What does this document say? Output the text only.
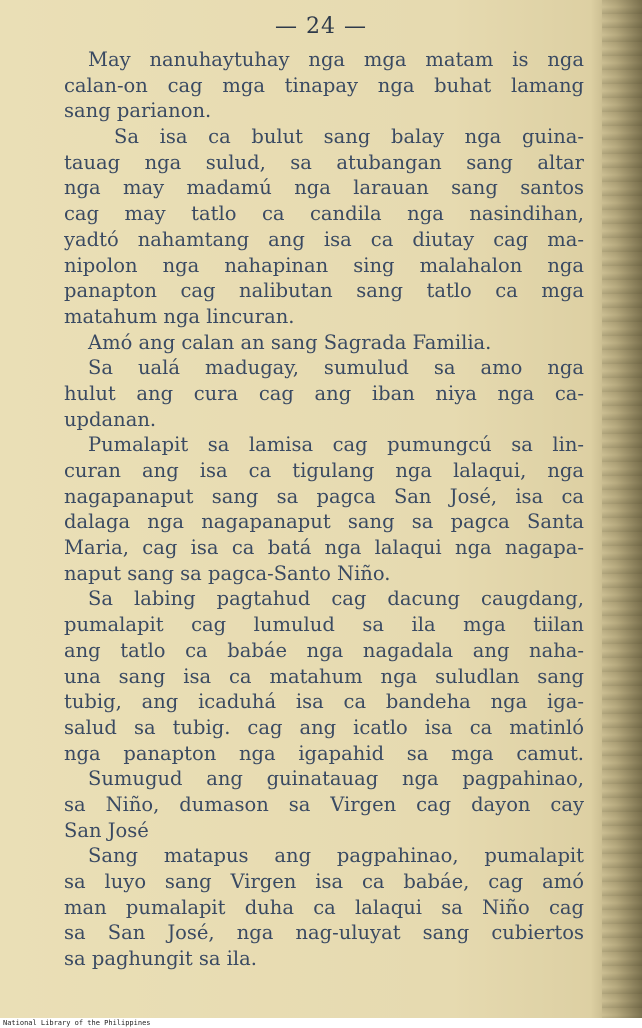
— 24 —
May nanuhaytuhay nga mga matam is nga
calan-on cag mga tinapay nga buhat lamang
sang parianon.
Sa isa ca bulut sang balay nga guina-
tauag nga sulud, sa atubangan sang altar
nga may madamú nga larauan sang santos
cag may tatlo ca candila nga nasindihan,
yadtó nahamtang ang isa ca diutay cag ma-
nipolon nga nahapinan sing malahalon nga
panapton cag nalibutan sang tatlo ca mga
matahum nga lincuran.
Amó ang calan an sang Sagrada Familia.
Sa ualá madugay, sumulud sa amo nga
hulut ang cura cag ang iban niya nga ca-
updanan.
Pumalapit sa lamisa cag pumungcú sa lin-
curan ang isa ca tigulang nga lalaqui, nga
nagapanaput sang sa pagca San José, isa ca
dalaga nga nagapanaput sang sa pagca Santa
Maria, cag isa ca batá nga lalaqui nga nagapa-
naput sang sa pagca-Santo Niño.
Sa labing pagtahud cag dacung caugdang,
pumalapit cag lumulud sa ila mga tiilan
ang tatlo ca babáe nga nagadala ang naha-
una sang isa ca matahum nga suludlan sang
tubig, ang icaduhá isa ca bandeha nga iga-
salud sa tubig. cag ang icatlo isa ca matinló
nga panapton nga igapahid sa mga camut.
Sumugud ang guinatauag nga pagpahinao,
sa Niño, dumason sa Virgen cag dayon cay
San José
Sang matapus ang pagpahinao, pumalapit
sa luyo sang Virgen isa ca babáe, cag amó
man pumalapit duha ca lalaqui sa Niño cag
sa San José, nga nag-uluyat sang cubiertos
sa paghungit sa ila.
National Library of the Philippines
